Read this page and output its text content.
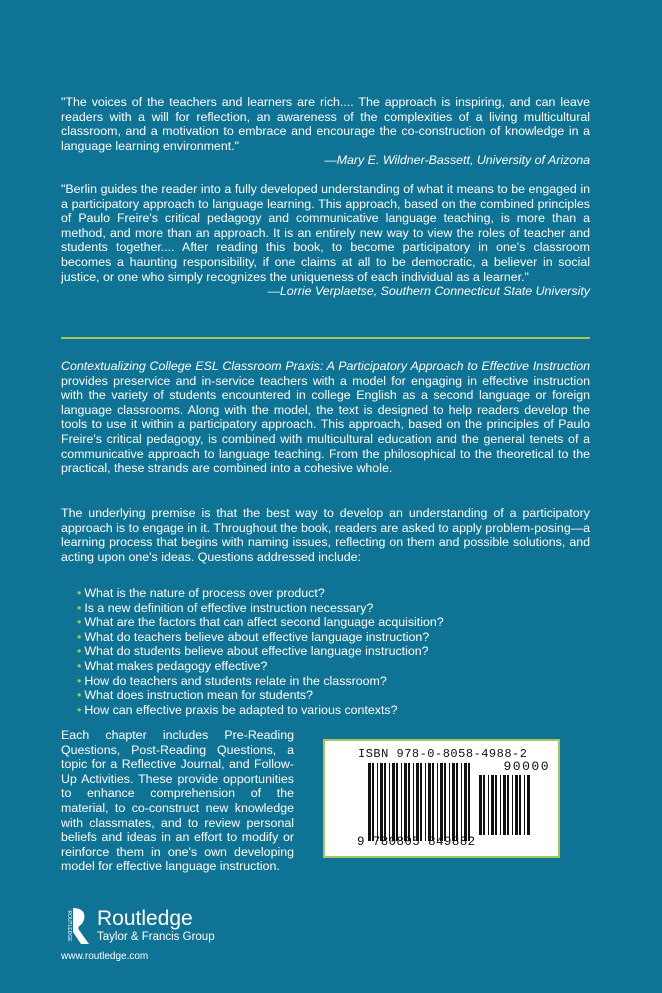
"The voices of the teachers and learners are rich.... The approach is inspiring, and can leave readers with a will for reflection, an awareness of the complexities of a living multicultural classroom, and a motivation to embrace and encourage the co-construction of knowledge in a language learning environment."
—Mary E. Wildner-Bassett, University of Arizona
"Berlin guides the reader into a fully developed understanding of what it means to be engaged in a participatory approach to language learning. This approach, based on the combined principles of Paulo Freire's critical pedagogy and communicative language teaching, is more than a method, and more than an approach. It is an entirely new way to view the roles of teacher and students together.... After reading this book, to become participatory in one's classroom becomes a haunting responsibility, if one claims at all to be democratic, a believer in social justice, or one who simply recognizes the uniqueness of each individual as a learner."
—Lorrie Verplaetse, Southern Connecticut State University
Contextualizing College ESL Classroom Praxis: A Participatory Approach to Effective Instruction provides preservice and in-service teachers with a model for engaging in effective instruction with the variety of students encountered in college English as a second language or foreign language classrooms. Along with the model, the text is designed to help readers develop the tools to use it within a participatory approach. This approach, based on the principles of Paulo Freire's critical pedagogy, is combined with multicultural education and the general tenets of a communicative approach to language teaching. From the philosophical to the theoretical to the practical, these strands are combined into a cohesive whole.
The underlying premise is that the best way to develop an understanding of a participatory approach is to engage in it. Throughout the book, readers are asked to apply problem-posing—a learning process that begins with naming issues, reflecting on them and possible solutions, and acting upon one's ideas. Questions addressed include:
• What is the nature of process over product?
• Is a new definition of effective instruction necessary?
• What are the factors that can affect second language acquisition?
• What do teachers believe about effective language instruction?
• What do students believe about effective language instruction?
• What makes pedagogy effective?
• How do teachers and students relate in the classroom?
• What does instruction mean for students?
• How can effective praxis be adapted to various contexts?
Each chapter includes Pre-Reading Questions, Post-Reading Questions, a topic for a Reflective Journal, and Follow-Up Activities. These provide opportunities to enhance comprehension of the material, to co-construct new knowledge with classmates, and to review personal beliefs and ideas in an effort to modify or reinforce them in one's own developing model for effective language instruction.
ISBN 978-0-8058-4988-2
90000
9 780805 849882
ROUTLEDGE Routledge
Taylor & Francis Group
www.routledge.com
